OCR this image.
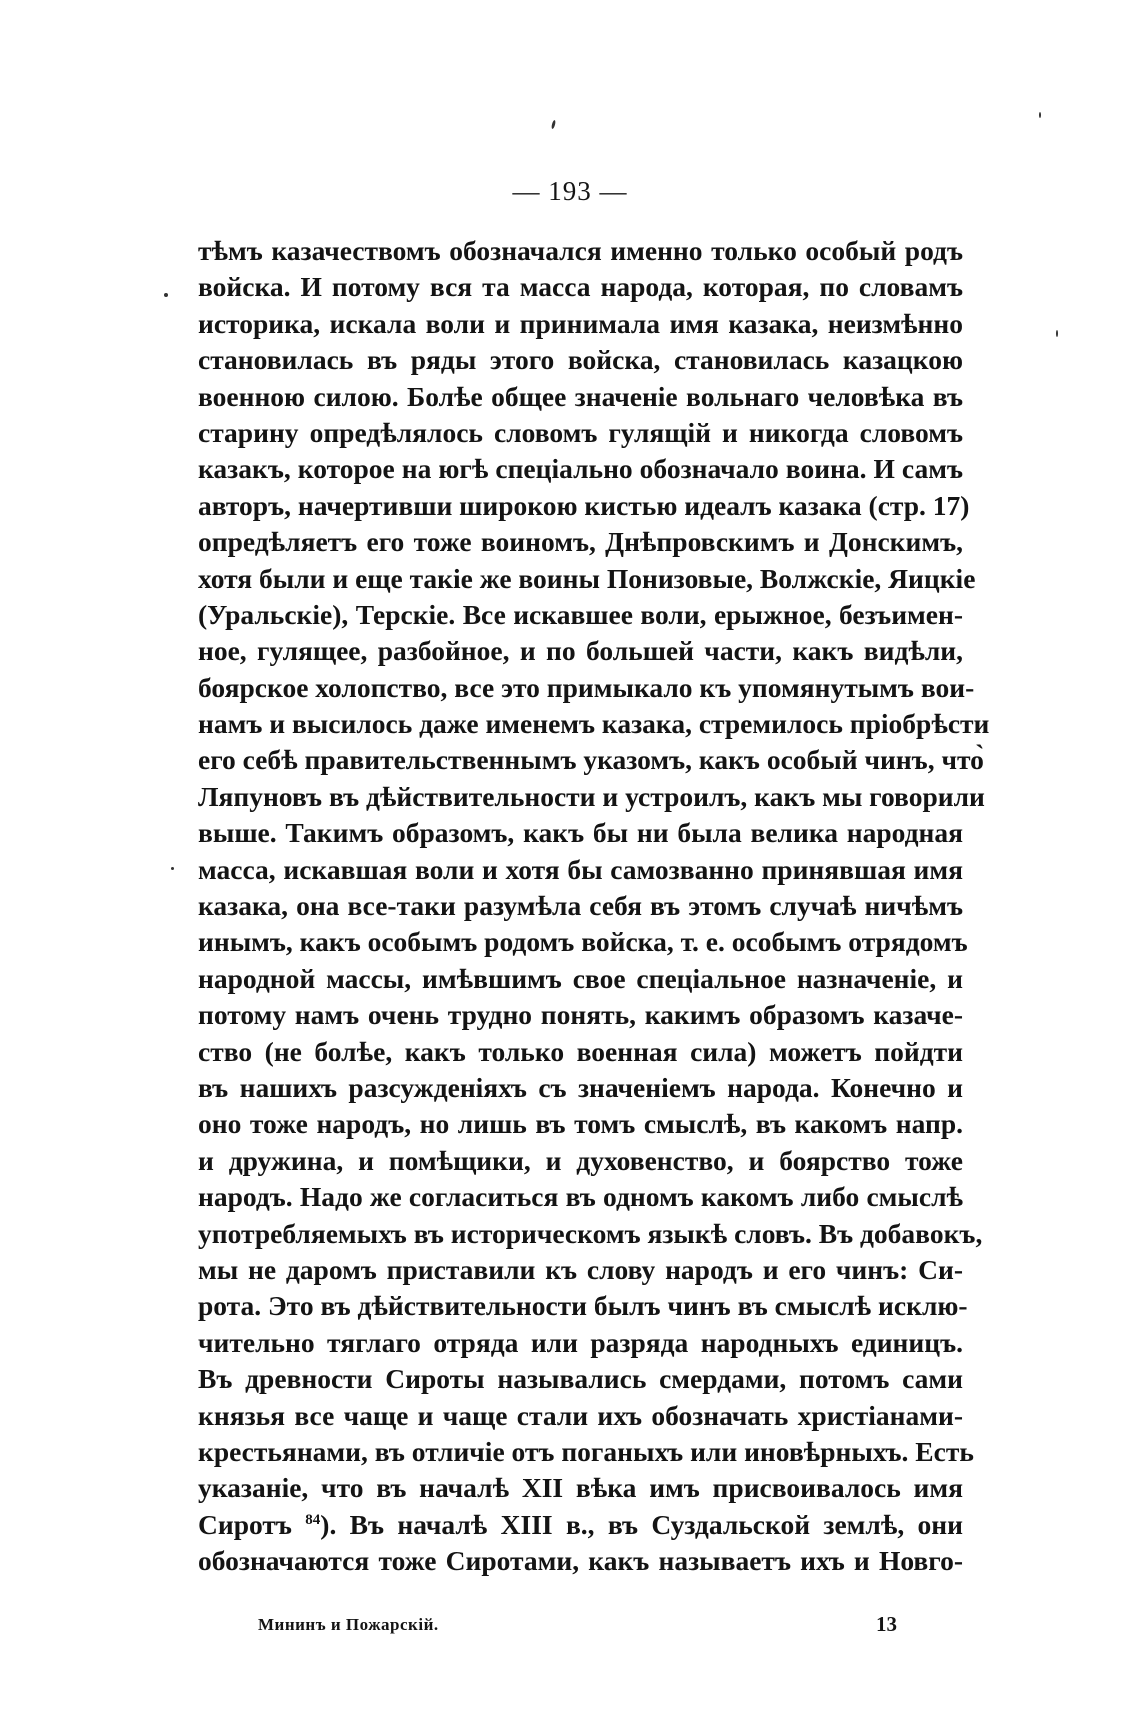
— 193 —
тѣмъ казачествомъ обозначался именно только особый родъ
войска. И потому вся та масса народа, которая, по словамъ
историка, искала воли и принимала имя казака, неизмѣнно
становилась въ ряды этого войска, становилась казацкою
военною силою. Болѣе общее значеніе вольнаго человѣка въ
старину опредѣлялось словомъ гулящій и никогда словомъ
казакъ, которое на югѣ спеціально обозначало воина. И самъ
авторъ, начертивши широкою кистью идеалъ казака (стр. 17)
опредѣляетъ его тоже воиномъ, Днѣпровскимъ и Донскимъ,
хотя были и еще такіе же воины Понизовые, Волжскіе, Яицкіе
(Уральскіе), Терскіе. Все искавшее воли, ерыжное, безъимен-
ное, гулящее, разбойное, и по большей части, какъ видѣли,
боярское холопство, все это примыкало къ упомянутымъ вои-
намъ и высилось даже именемъ казака, стремилось пріобрѣсти
его себѣ правительственнымъ указомъ, какъ особый чинъ, что̀
Ляпуновъ въ дѣйствительности и устроилъ, какъ мы говорили
выше. Такимъ образомъ, какъ бы ни была велика народная
масса, искавшая воли и хотя бы самозванно принявшая имя
казака, она все-таки разумѣла себя въ этомъ случаѣ ничѣмъ
инымъ, какъ особымъ родомъ войска, т. е. особымъ отрядомъ
народной массы, имѣвшимъ свое спеціальное назначеніе, и
потому намъ очень трудно понять, какимъ образомъ казаче-
ство (не болѣе, какъ только военная сила) можетъ пойдти
въ нашихъ разсужденіяхъ съ значеніемъ народа. Конечно и
оно тоже народъ, но лишь въ томъ смыслѣ, въ какомъ напр.
и дружина, и помѣщики, и духовенство, и боярство тоже
народъ. Надо же согласиться въ одномъ какомъ либо смыслѣ
употребляемыхъ въ историческомъ языкѣ словъ. Въ добавокъ,
мы не даромъ приставили къ слову народъ и его чинъ: Си-
рота. Это въ дѣйствительности былъ чинъ въ смыслѣ исклю-
чительно тяглаго отряда или разряда народныхъ единицъ.
Въ древности Сироты назывались смердами, потомъ сами
князья все чаще и чаще стали ихъ обозначать христіанами-
крестьянами, въ отличіе отъ поганыхъ или иновѣрныхъ. Есть
указаніе, что въ началѣ XII вѣка имъ присвоивалось имя
Сиротъ $^{84}$). Въ началѣ XIII в., въ Суздальской землѣ, они
обозначаются тоже Сиротами, какъ называетъ ихъ и Новго-
Мининъ и Пожарскій.	13
